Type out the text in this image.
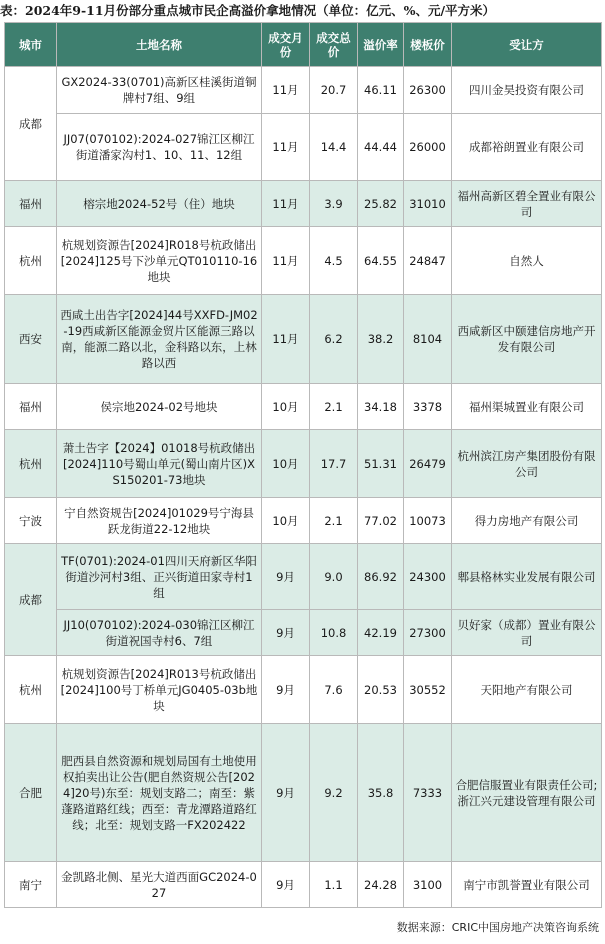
表：2024年9-11月份部分重点城市民企高溢价拿地情况（单位：亿元、%、元/平方米）
城市	土地名称	成交月份	成交总价	溢价率	楼板价	受让方
成都	GX2024-33(0701)高新区桂溪街道铜牌村7组、9组	11月	20.7	46.11	26300	四川金昊投资有限公司
	JJ07(070102):2024-027锦江区柳江街道潘家沟村1、10、11、12组	11月	14.4	44.44	26000	成都裕朗置业有限公司
福州	榕宗地2024-52号（住）地块	11月	3.9	25.82	31010	福州高新区碧全置业有限公司
杭州	杭规划资源告[2024]R018号杭政储出[2024]125号下沙单元QT010110-16地块	11月	4.5	64.55	24847	自然人
西安	西咸土出告字[2024]44号XXFD-JM02-19西咸新区能源金贸片区能源三路以南，能源二路以北，金科路以东，上林路以西	11月	6.2	38.2	8104	西咸新区中颐建信房地产开发有限公司
福州	侯宗地2024-02号地块	10月	2.1	34.18	3378	福州渠城置业有限公司
杭州	萧土告字【2024】01018号杭政储出[2024]110号蜀山单元(蜀山南片区)XS150201-73地块	10月	17.7	51.31	26479	杭州滨江房产集团股份有限公司
宁波	宁自然资规告[2024]01029号宁海县跃龙街道22-12地块	10月	2.1	77.02	10073	得力房地产有限公司
成都	TF(0701):2024-01四川天府新区华阳街道沙河村3组、正兴街道田家寺村1组	9月	9.0	86.92	24300	郫县格林实业发展有限公司
	JJ10(070102):2024-030锦江区柳江街道祝国寺村6、7组	9月	10.8	42.19	27300	贝好家（成都）置业有限公司
杭州	杭规划资源告[2024]R013号杭政储出[2024]100号丁桥单元JG0405-03b地块	9月	7.6	20.53	30552	天阳地产有限公司
合肥	肥西县自然资源和规划局国有土地使用权拍卖出让公告(肥自然资规公告[2024]20号)东至：规划支路二；南至：紫蓬路道路红线；西至：青龙潭路道路红线；北至：规划支路一FX202422	9月	9.2	35.8	7333	合肥信服置业有限责任公司;浙江兴元建设管理有限公司
南宁	金凯路北侧、星光大道西面GC2024-027	9月	1.1	24.28	3100	南宁市凯誉置业有限公司
数据来源：CRIC中国房地产决策咨询系统
